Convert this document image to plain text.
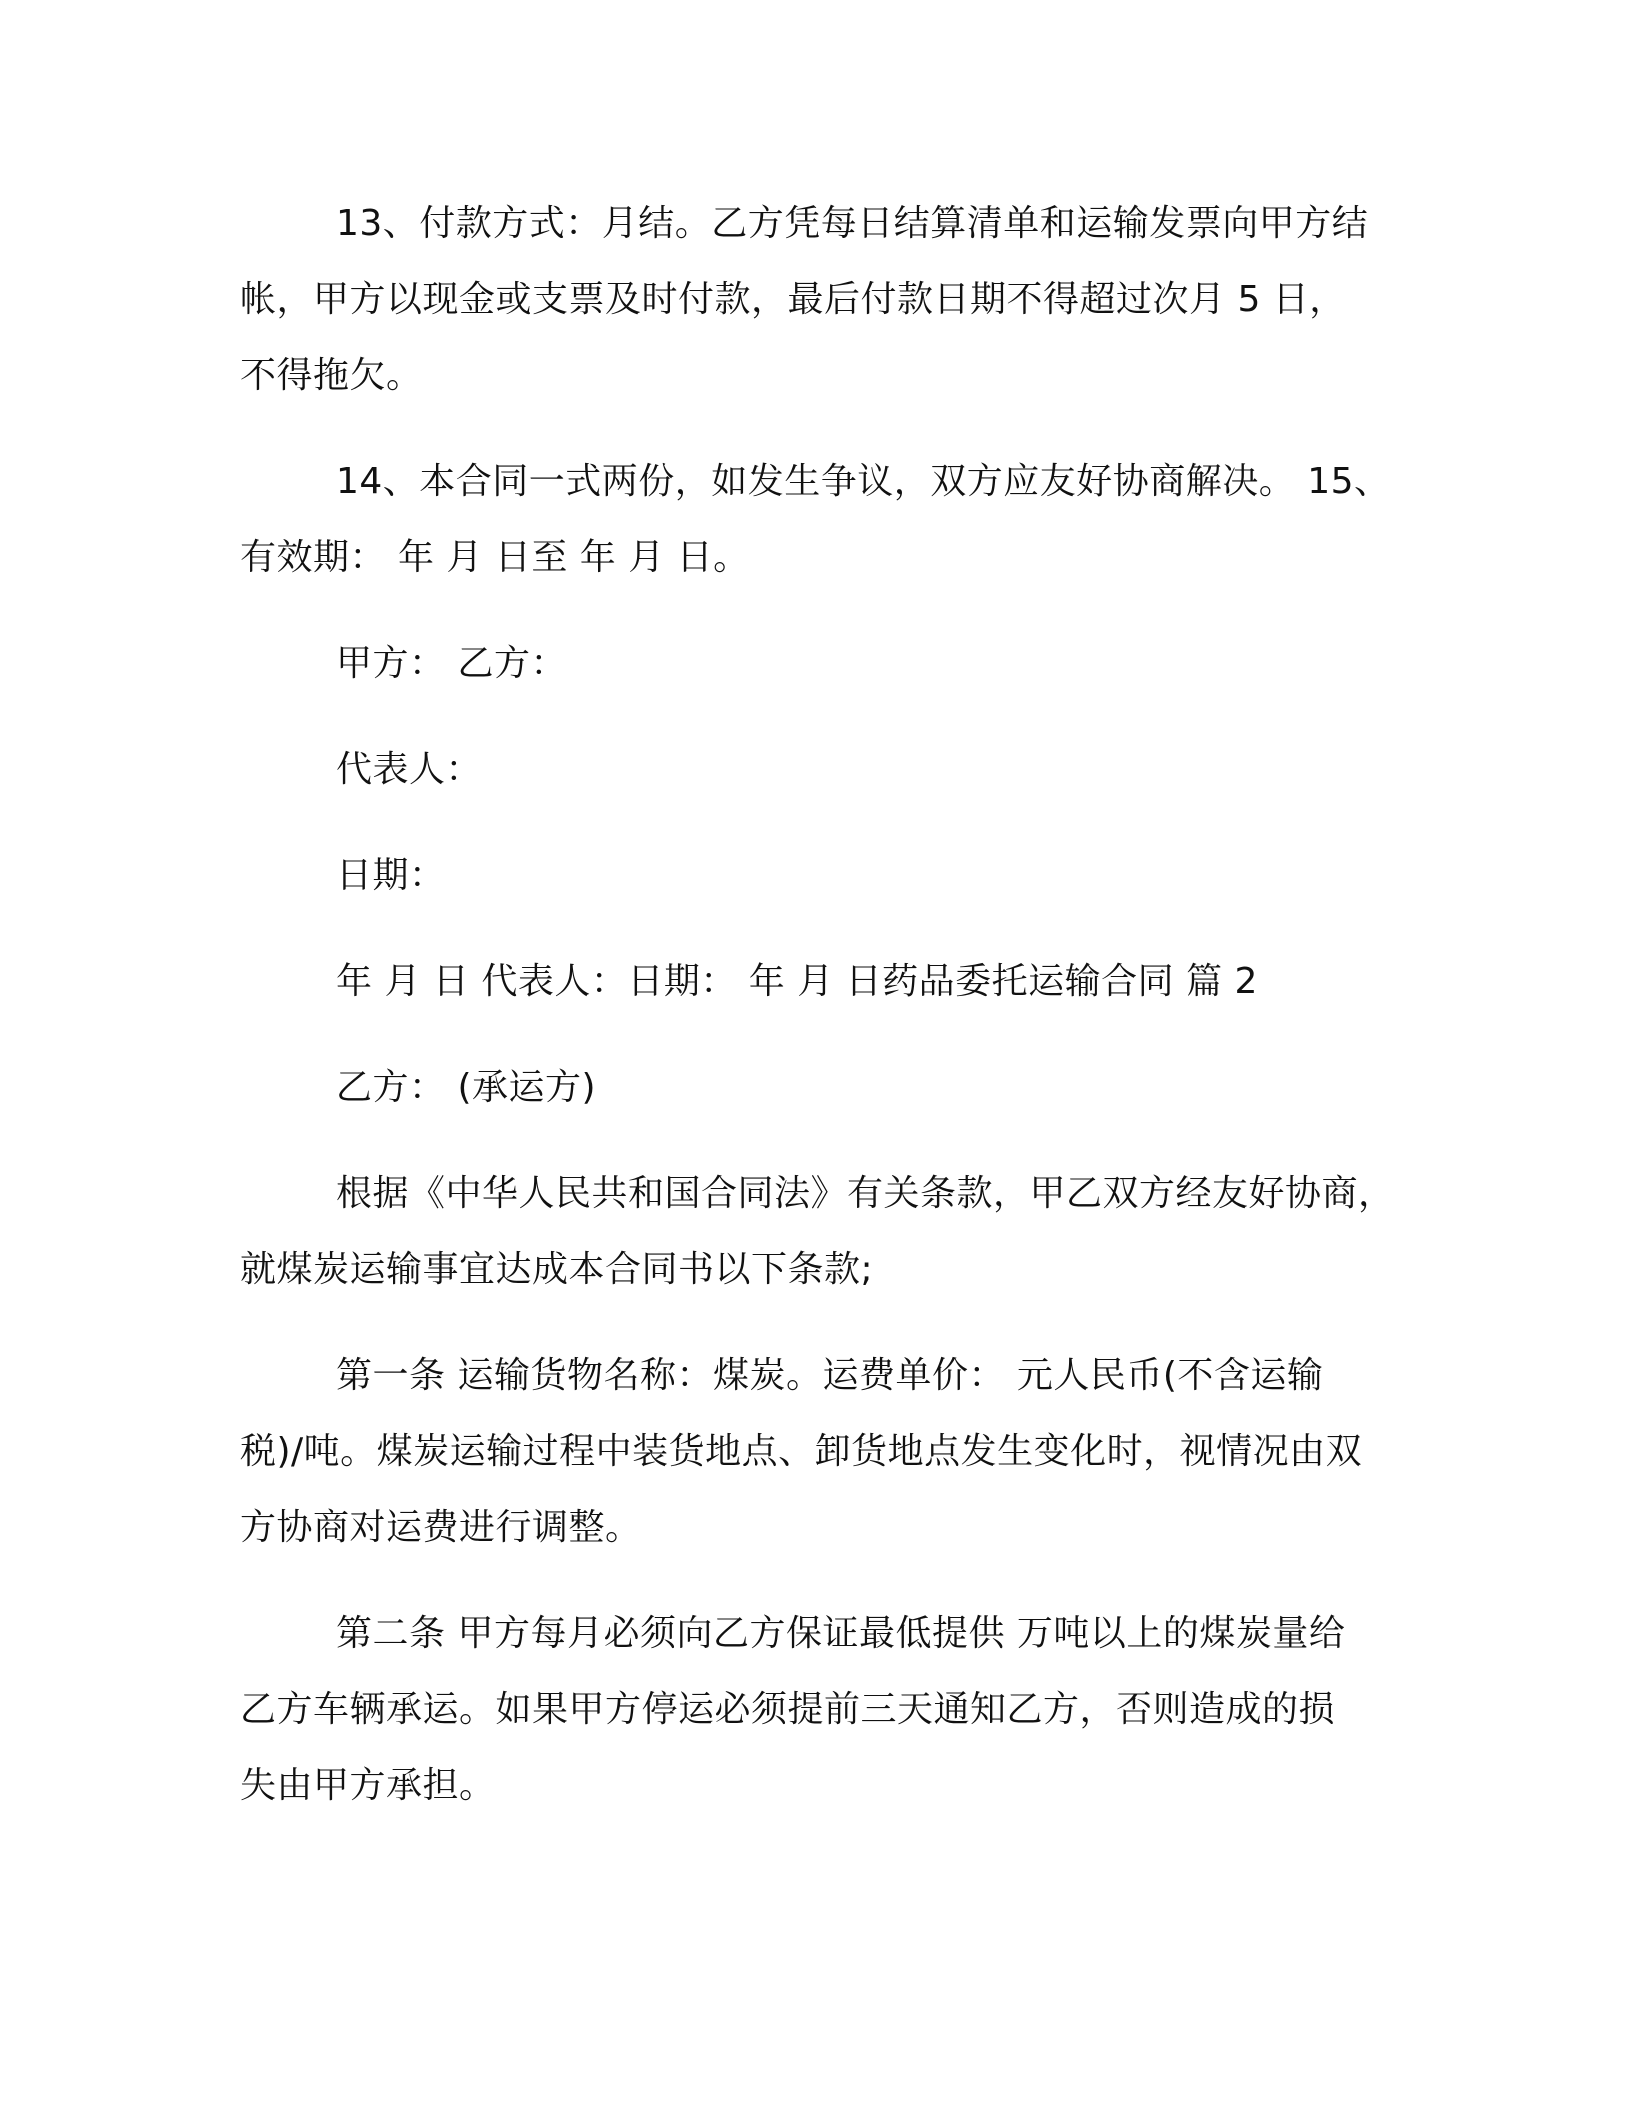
13、付款方式：月结。乙方凭每日结算清单和运输发票向甲方结
帐，甲方以现金或支票及时付款，最后付款日期不得超过次月 5 日，
不得拖欠。

14、本合同一式两份，如发生争议，双方应友好协商解决。 15、
有效期： 年 月 日至 年 月 日。

甲方： 乙方：

代表人：

日期：

年 月 日 代表人：日期： 年 月 日药品委托运输合同 篇 2

乙方： (承运方)

根据《中华人民共和国合同法》有关条款，甲乙双方经友好协商，
就煤炭运输事宜达成本合同书以下条款;

第一条 运输货物名称：煤炭。运费单价： 元人民币(不含运输
税)/吨。煤炭运输过程中装货地点、卸货地点发生变化时，视情况由双
方协商对运费进行调整。

第二条 甲方每月必须向乙方保证最低提供 万吨以上的煤炭量给
乙方车辆承运。如果甲方停运必须提前三天通知乙方，否则造成的损
失由甲方承担。
